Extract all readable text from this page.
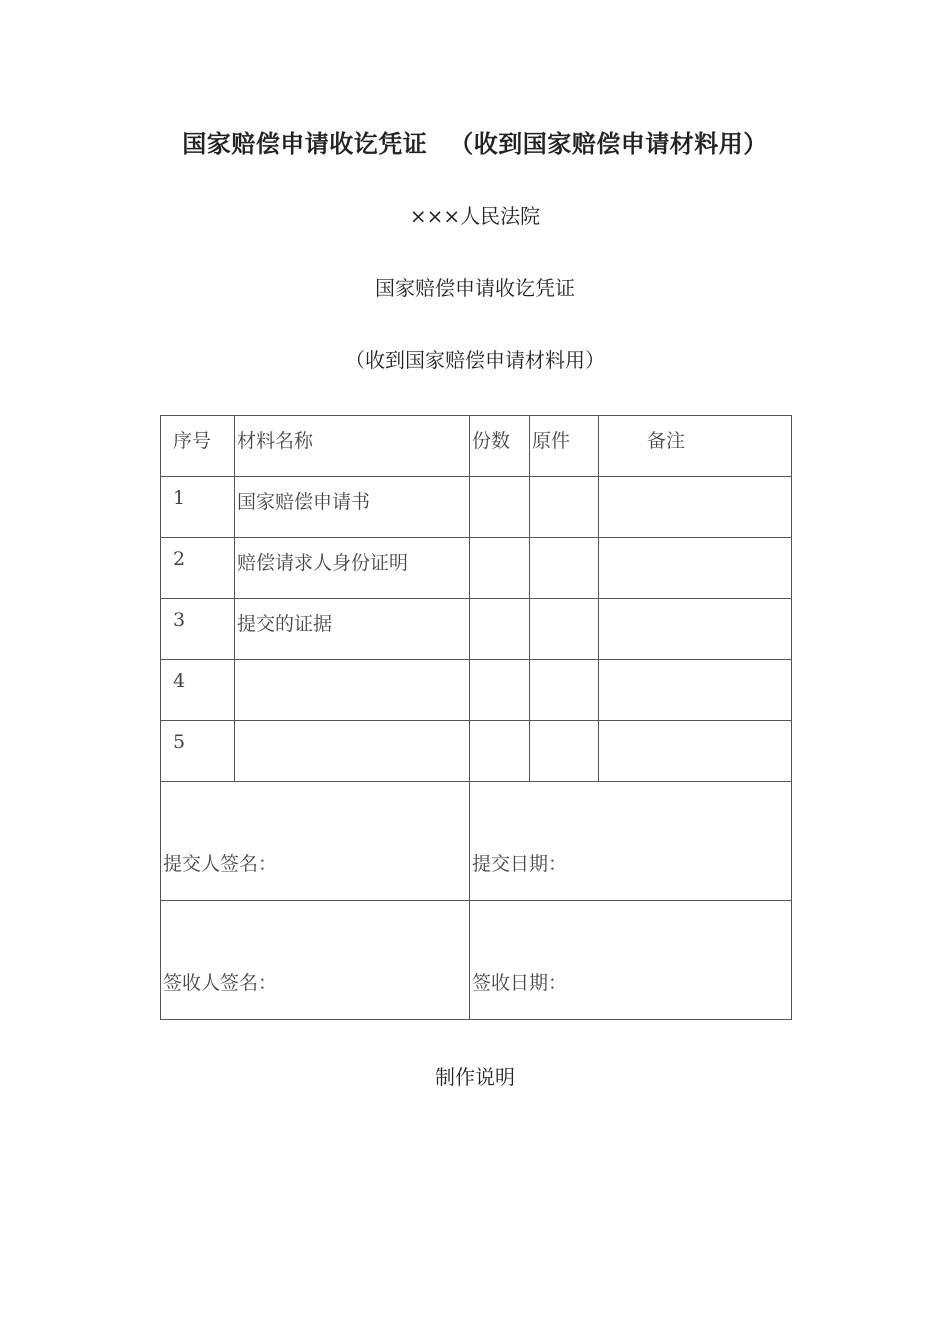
国家赔偿申请收讫凭证 （收到国家赔偿申请材料用）
×××人民法院
国家赔偿申请收讫凭证
（收到国家赔偿申请材料用）
序号	材料名称	份数	原件	备注

1	国家赔偿申请书			

2	赔偿请求人身份证明			

3	提交的证据			

4				

5				

提交人签名：		提交日期：		

签收人签名：		签收日期：		
制作说明
